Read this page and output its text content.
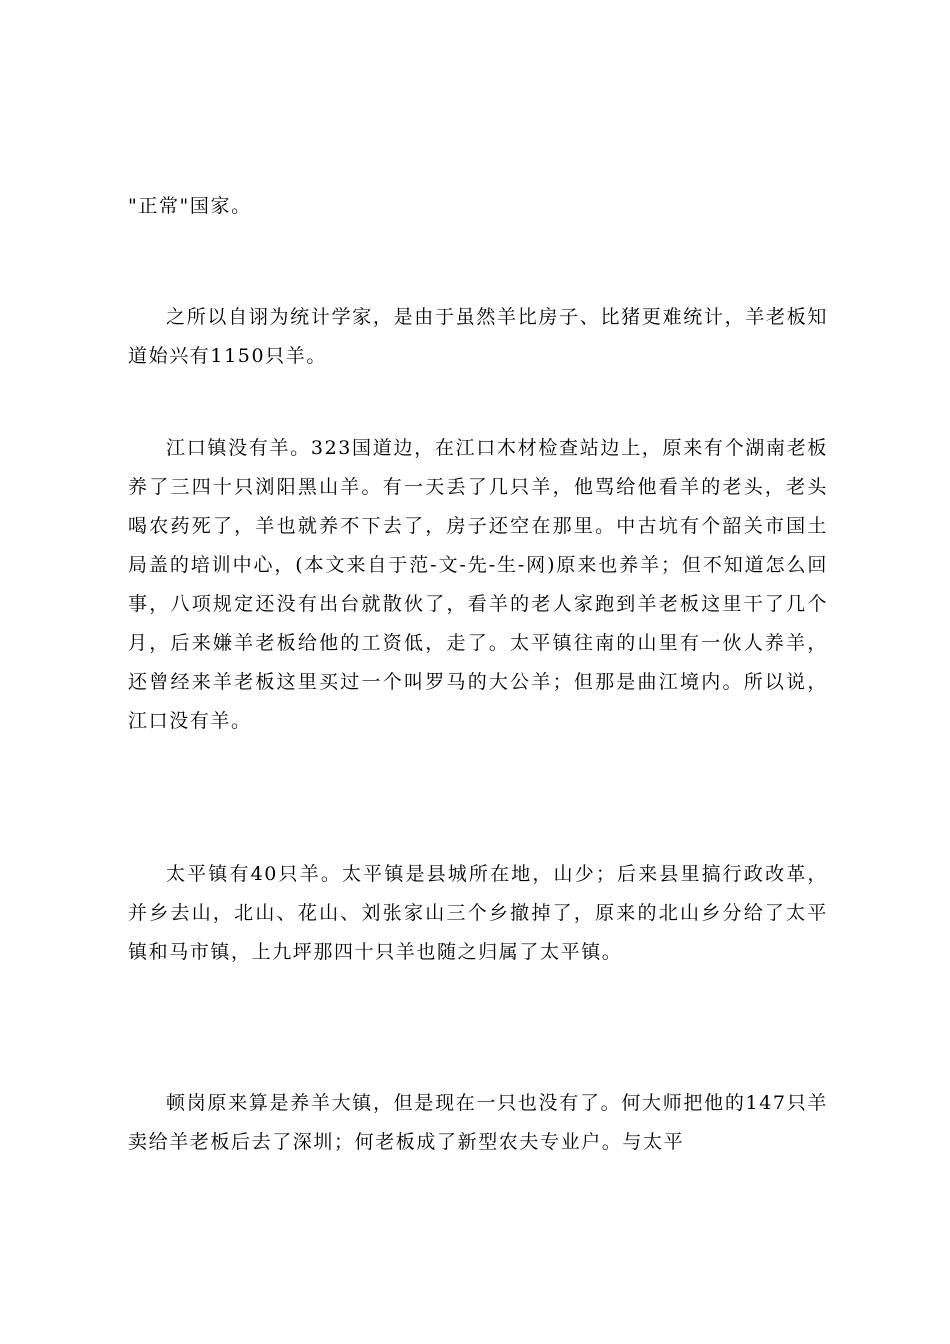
"正常"国家。

之所以自诩为统计学家，是由于虽然羊比房子、比猪更难统计，羊老板知道始兴有1150只羊。

江口镇没有羊。323国道边，在江口木材检查站边上，原来有个湖南老板养了三四十只浏阳黑山羊。有一天丢了几只羊，他骂给他看羊的老头，老头喝农药死了，羊也就养不下去了，房子还空在那里。中古坑有个韶关市国土局盖的培训中心，(本文来自于范-文-先-生-网)原来也养羊；但不知道怎么回事，八项规定还没有出台就散伙了，看羊的老人家跑到羊老板这里干了几个月，后来嫌羊老板给他的工资低，走了。太平镇往南的山里有一伙人养羊，还曾经来羊老板这里买过一个叫罗马的大公羊；但那是曲江境内。所以说，江口没有羊。

太平镇有40只羊。太平镇是县城所在地，山少；后来县里搞行政改革，并乡去山，北山、花山、刘张家山三个乡撤掉了，原来的北山乡分给了太平镇和马市镇，上九坪那四十只羊也随之归属了太平镇。

顿岗原来算是养羊大镇，但是现在一只也没有了。何大师把他的147只羊卖给羊老板后去了深圳；何老板成了新型农夫专业户。与太平
